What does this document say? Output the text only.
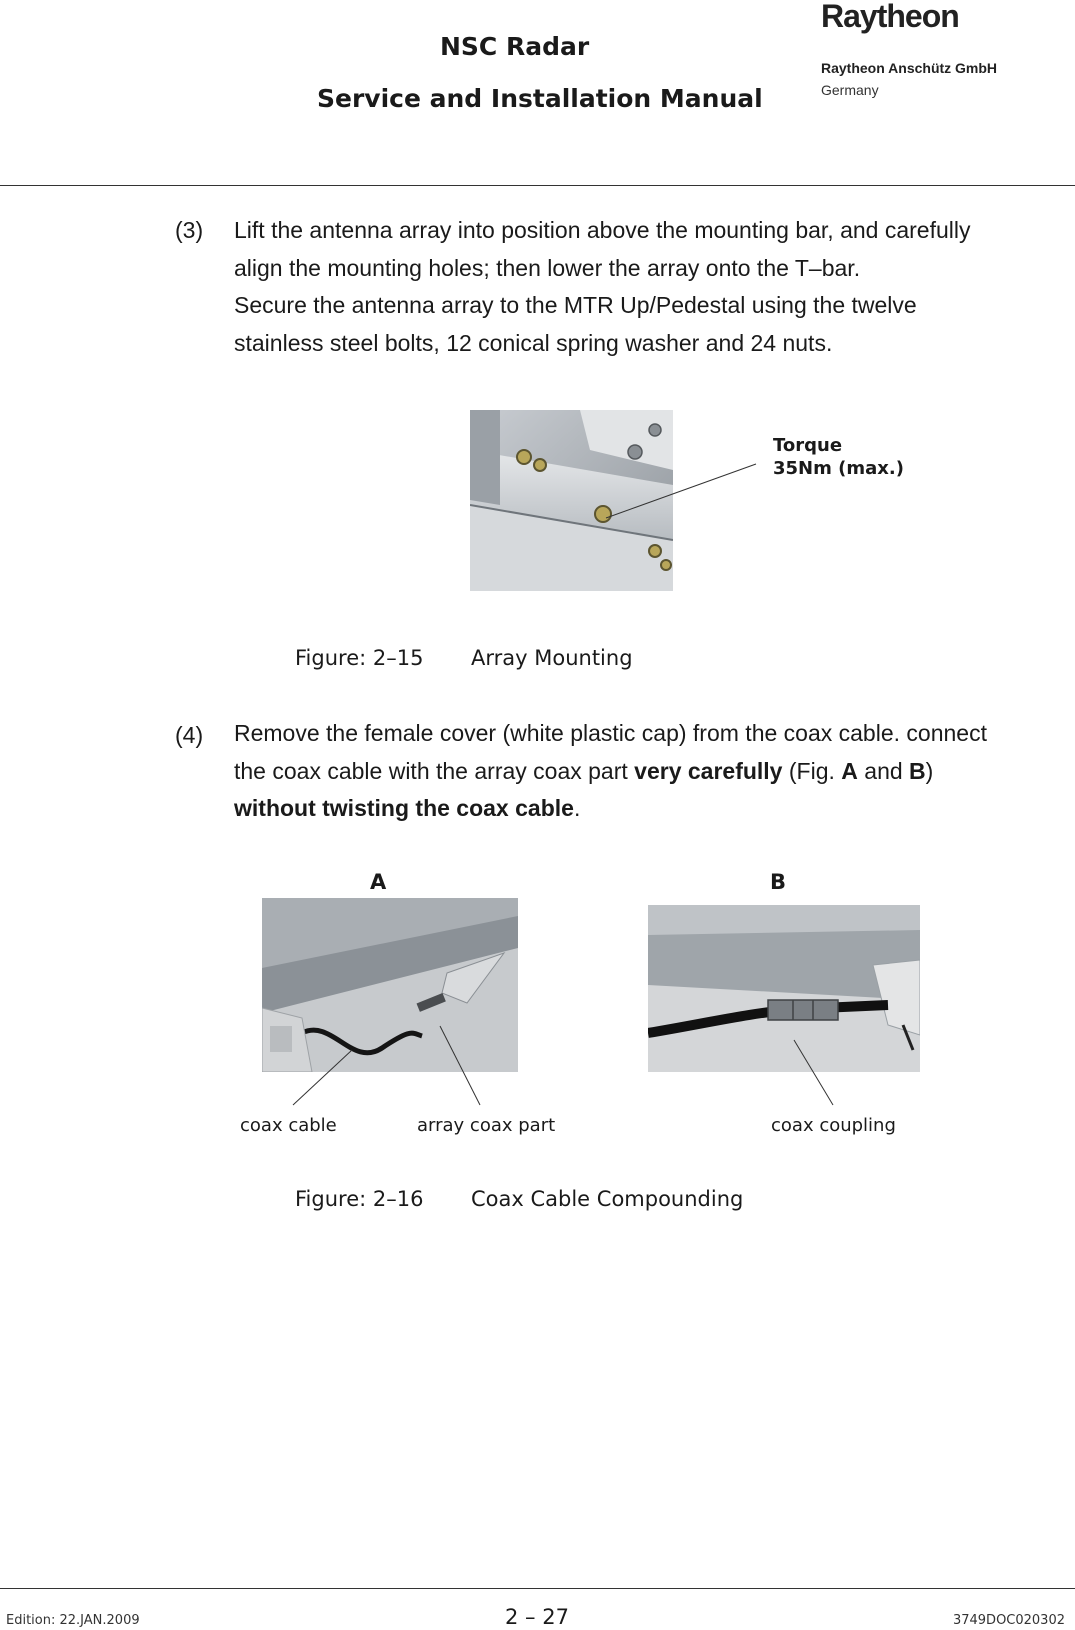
NSC Radar
Service and Installation Manual
Raytheon
Raytheon Anschütz GmbH
Germany
(3) Lift the antenna array into position above the mounting bar, and carefully
align the mounting holes; then lower the array onto the T–bar.
Secure the antenna array to the MTR Up/Pedestal using the twelve
stainless steel bolts, 12 conical spring washer and 24 nuts.
Torque
35Nm (max.)
Figure: 2–15 Array Mounting
(4) Remove the female cover (white plastic cap) from the coax cable. connect
the coax cable with the array coax part very carefully (Fig. A and B)
without twisting the coax cable.
A	B
coax cable	array coax part	coax coupling
Figure: 2–16 Coax Cable Compounding
Edition: 22.JAN.2009	2 – 27	3749DOC020302
